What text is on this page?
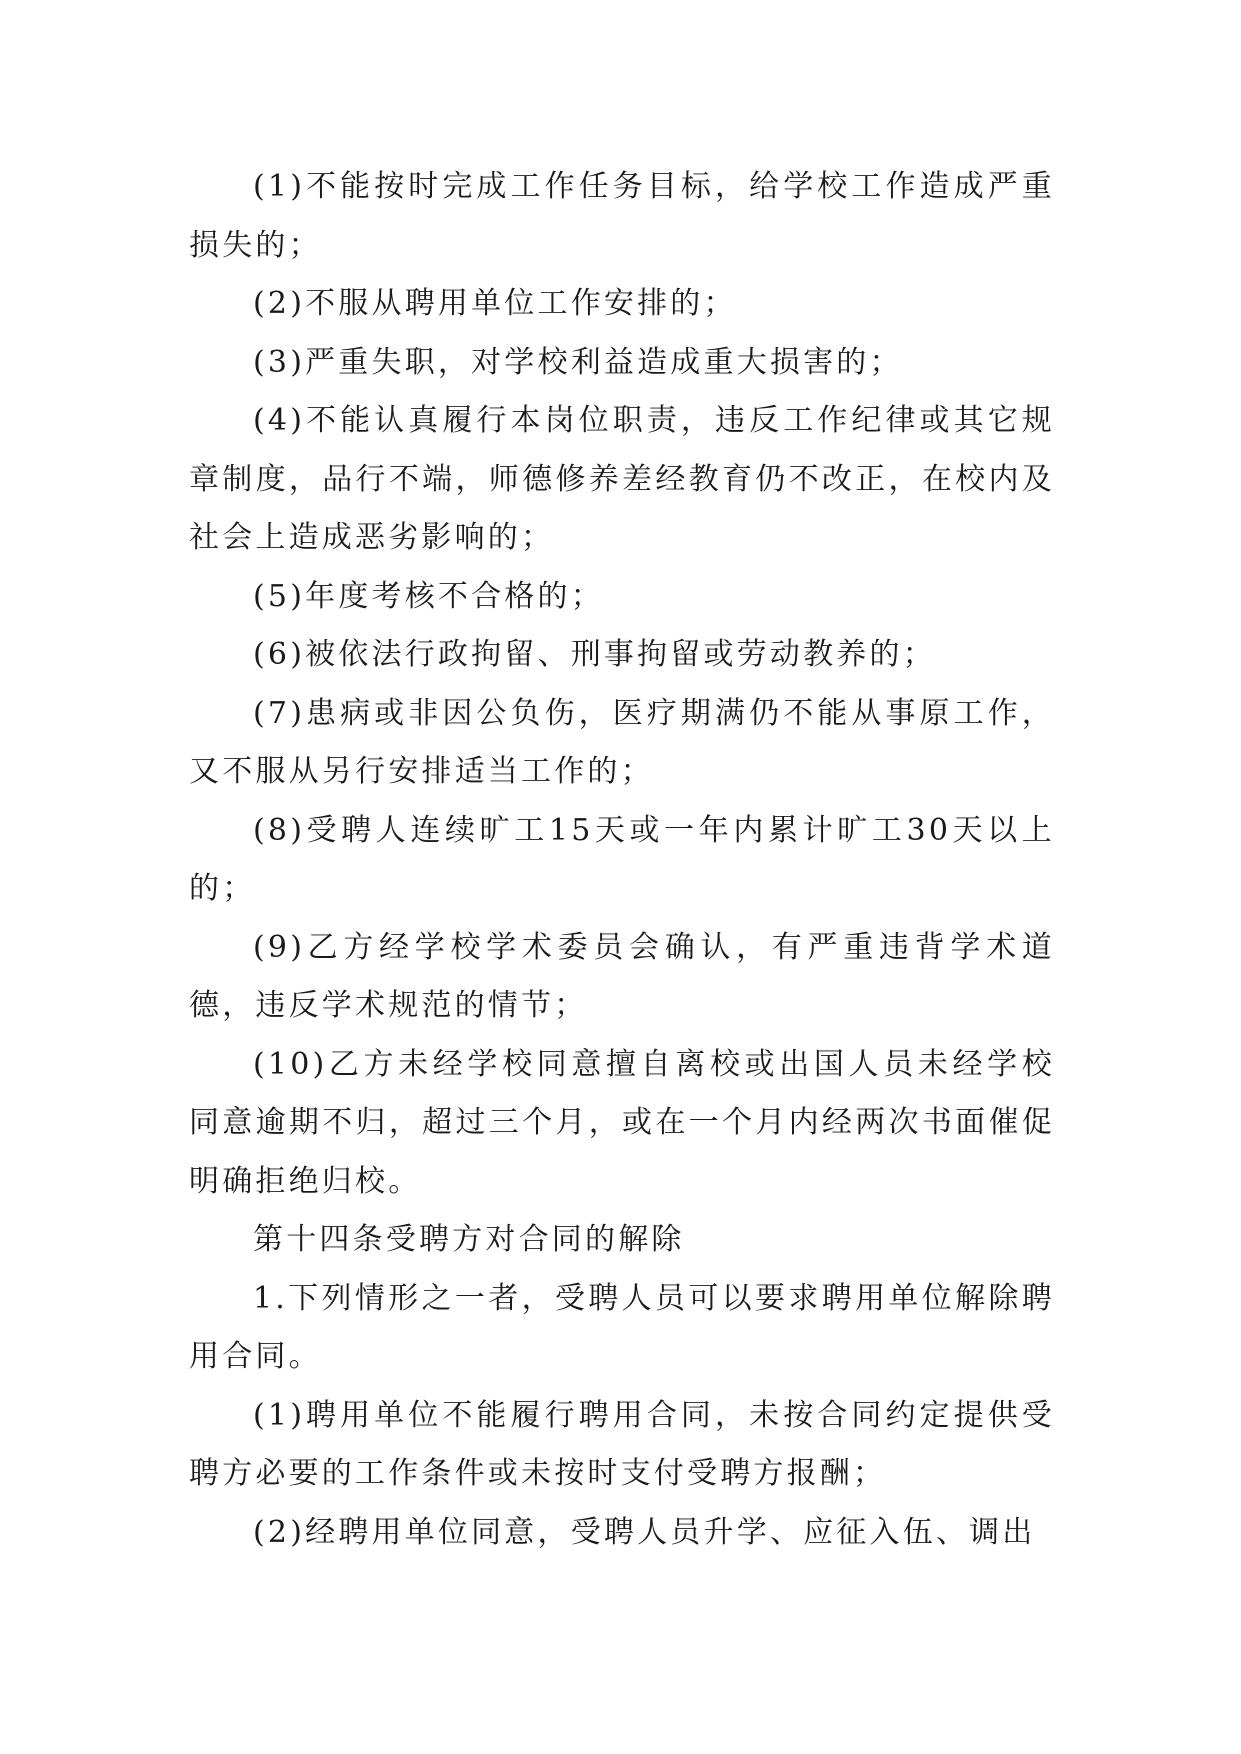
(1)不能按时完成工作任务目标，给学校工作造成严重损失的；

(2)不服从聘用单位工作安排的；

(3)严重失职，对学校利益造成重大损害的；

(4)不能认真履行本岗位职责，违反工作纪律或其它规章制度，品行不端，师德修养差经教育仍不改正，在校内及社会上造成恶劣影响的；

(5)年度考核不合格的；

(6)被依法行政拘留、刑事拘留或劳动教养的；

(7)患病或非因公负伤，医疗期满仍不能从事原工作，又不服从另行安排适当工作的；

(8)受聘人连续旷工15天或一年内累计旷工30天以上的；

(9)乙方经学校学术委员会确认，有严重违背学术道德，违反学术规范的情节；

(10)乙方未经学校同意擅自离校或出国人员未经学校同意逾期不归，超过三个月，或在一个月内经两次书面催促明确拒绝归校。

第十四条受聘方对合同的解除

1.下列情形之一者，受聘人员可以要求聘用单位解除聘用合同。

(1)聘用单位不能履行聘用合同，未按合同约定提供受聘方必要的工作条件或未按时支付受聘方报酬；

(2)经聘用单位同意，受聘人员升学、应征入伍、调出
